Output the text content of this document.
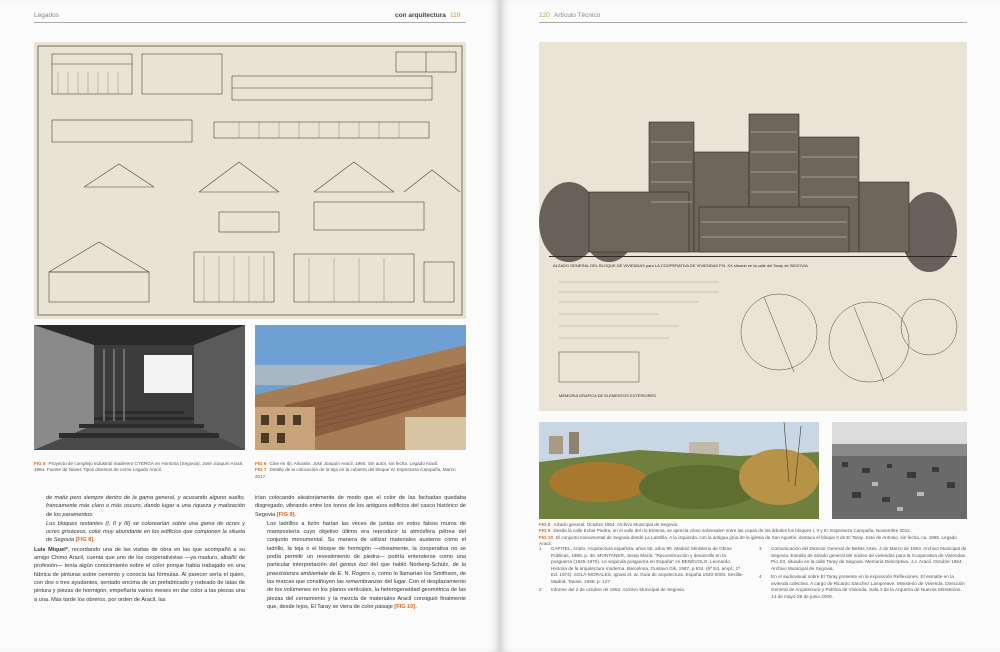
Legados	con arquitectura 119
FIG 5 Proyecto de complejo industrial maderero CYERGA en Hontoria (Segovia). José Joaquín Aracil, 1964. Fuente de Naves Tipos diversos de cerne Legado Aracil.
FIG 6 Cine en Ibi, Alicante. José Joaquín Aracil, 1960. Sin autor, sin fecha. Legado Aracil.
FIG 7 Detalle de la colocación de la teja en la cubierta del bloque IV. Esperanza Campaña, Marzo 2017.

de matiz pero siempre dentro de la gama general, y acusando alguno suelto, francamente más claro o más oscuro, dando lugar a una riqueza y matización de los paramentos.

Los bloques restantes (I, II y III) se colorearían sobre una gama de ocres y ocres grisáceos, color muy abundante en los edificios que componen la silueta de Segovia [FIG 8].

Luis Miquel², recordando una de las visitas de obra en las que acompañó a su amigo Chimo Aracil, cuenta que uno de los cooperativistas —ya maduro, albañil de profesión— tenía algún conocimiento sobre el color porque había trabajado en una fábrica de pinturas sobre cemento y conocía las fórmulas. Al parecer sería el quien, con dos o tres ayudantes, sentado encima de un prefabricado y rodeado de latas de pintura y piezas de hormigón, empeñaría varios meses en dar color a las piezas una a una. Más tarde los obreros, por orden de Aracil, las

irían colocando aleatoriamente de modo que el color de las fachadas quedaba disgregado, vibrando entre los tonos de los antiguos edificios del casco histórico de Segovia [FIG 9].

Los ladrillos a tizón harían las veces de juntas en estos falsos muros de mampostería cuyo objetivo último era reproducir la atmósfera pétrea del conjunto monumental. Su manera de utilizar materiales austeros como el ladrillo, la teja o el bloque de hormigón —obviamente, la cooperativa no se podía permitir un revestimiento de piedra— podría entenderse como una particular interpretación del genius loci del que habló Norberg-Schulz, de la preexistenza ambientale de E. N. Rogers o, como lo llamarían los Smithson, de las marcas que constituyen las remembranzas del lugar. Con el desplazamiento de los volúmenes en los planos verticales, la heterogeneidad geométrica de las piezas del cerramiento y la mezcla de materiales Aracil consiguió finalmente que, desde lejos, El Taray se viera de color paisaje [FIG 10].

120 Artículo Técnico
ALZADO GENERAL DEL BLOQUE DE VIVIENDAS para LA COOPERATIVA DE VIVIENDAS P.N. XX situado en la calle del Taray de SEGOVIA
MEMORIA GRAFICA DE ELEMENTOS EXTERIORES
FIG 8 Alzado general. Octubre 1964. Archivo Municipal de Segovia.
FIG 9 Desde la calle Echar Piedra, en el valle del río Eresma, se aprecia cómo sobresalen entre las copas de los árboles los bloques I, II y III. Esperanza Campaña, Noviembre 2012.
FIG 10 El conjunto monumental de Segovia desde La Lastrilla. A la izquierda, con la antigua grúa de la iglesia de San Agustín, destaca el bloque II de El Taray. José de Antonio, sin fecha, ca. 1965. Legado Aracil.
1 CAPITEL, Antón. Arquitectura española, años 50, años 80. Madrid: Ministerio de Obras Públicas, 1986, p. 30. MONTANER, Josep María. "Reconstrucción y desarrollo en la posguerra (1945-1970). La segunda posguerra en España" en BENÉVOLO, Leonardo. Historia de la arquitectura moderna. Barcelona, Gustavo Gili, 1987, p.924. (6ª Ed. ampl.; 1ª Ed. 1974). SOLÀ-MORALES, Ignasi et. al. Guía de arquitectura. España 1920-2000. Sevilla-Madrid, Tanais, 1998, p. 127.
2 Informe del 2 de octubre de 1962. Archivo Municipal de Segovia.
3 Comunicación del Director General de Bellas Artes. 4 de Marzo de 1963. Archivo Municipal de Segovia. Estudio de alzado general del núcleo de viviendas para la Cooperativa de Viviendas Pío XII, situado en la calle Taray de Segovia. Memoria Descriptiva. J.J. Aracil. Octubre 1964. Archivo Municipal de Segovia.
4 En el audiovisual sobre El Taray presente en la exposición Reflexiones. El esmalte en la vivienda colectiva. A cargo de Ricardo Sánchez Lampreave. Ministerio de Vivienda. Dirección General de Arquitectura y Política de Vivienda. Sala 3 de la Arquería de Nuevos Ministerios. 14 de mayo-28 de junio 2009.
